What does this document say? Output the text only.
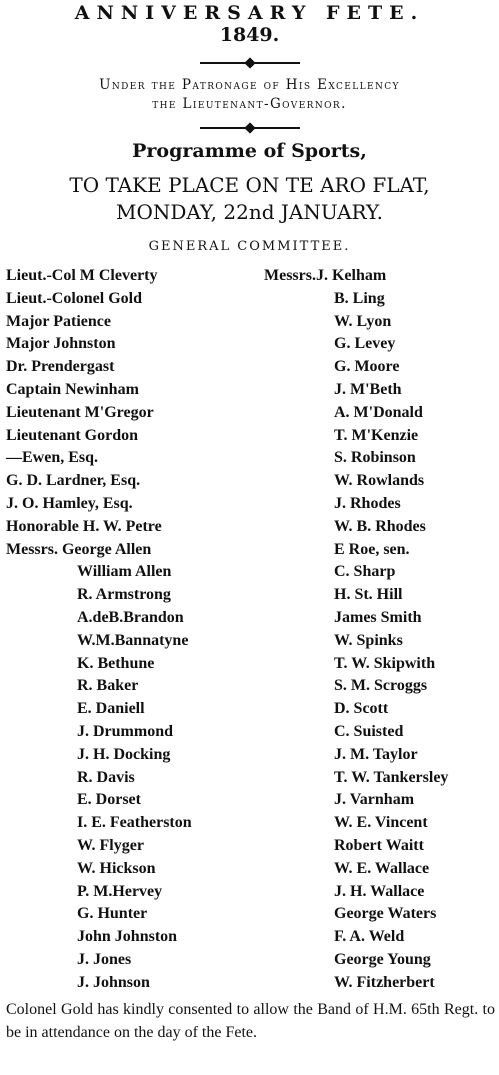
ANNIVERSARY FETE.
1849.
Under the Patronage of His Excellency
the Lieutenant-Governor.
Programme of Sports,
TO TAKE PLACE ON TE ARO FLAT,
MONDAY, 22nd JANUARY.
GENERAL COMMITTEE.
Lieut.-Col M Cleverty
Lieut.-Colonel Gold
Major Patience
Major Johnston
Dr. Prendergast
Captain Newinham
Lieutenant M'Gregor
Lieutenant Gordon
—Ewen, Esq.
G. D. Lardner, Esq.
J. O. Hamley, Esq.
Honorable H. W. Petre
Messrs. George Allen
William Allen
R. Armstrong
A.deB.Brandon
W.M.Bannatyne
K. Bethune
R. Baker
E. Daniell
J. Drummond
J. H. Docking
R. Davis
E. Dorset
I. E. Featherston
W. Flyger
W. Hickson
P. M.Hervey
G. Hunter
John Johnston
J. Jones
J. Johnson
Messrs.J. Kelham
B. Ling
W. Lyon
G. Levey
G. Moore
J. M'Beth
A. M'Donald
T. M'Kenzie
S. Robinson
W. Rowlands
J. Rhodes
W. B. Rhodes
E Roe, sen.
C. Sharp
H. St. Hill
James Smith
W. Spinks
T. W. Skipwith
S. M. Scroggs
D. Scott
C. Suisted
J. M. Taylor
T. W. Tankersley
J. Varnham
W. E. Vincent
Robert Waitt
W. E. Wallace
J. H. Wallace
George Waters
F. A. Weld
George Young
W. Fitzherbert
Colonel Gold has kindly consented to allow the Band of H.M. 65th Regt. to be in attendance on the day of the Fete.
